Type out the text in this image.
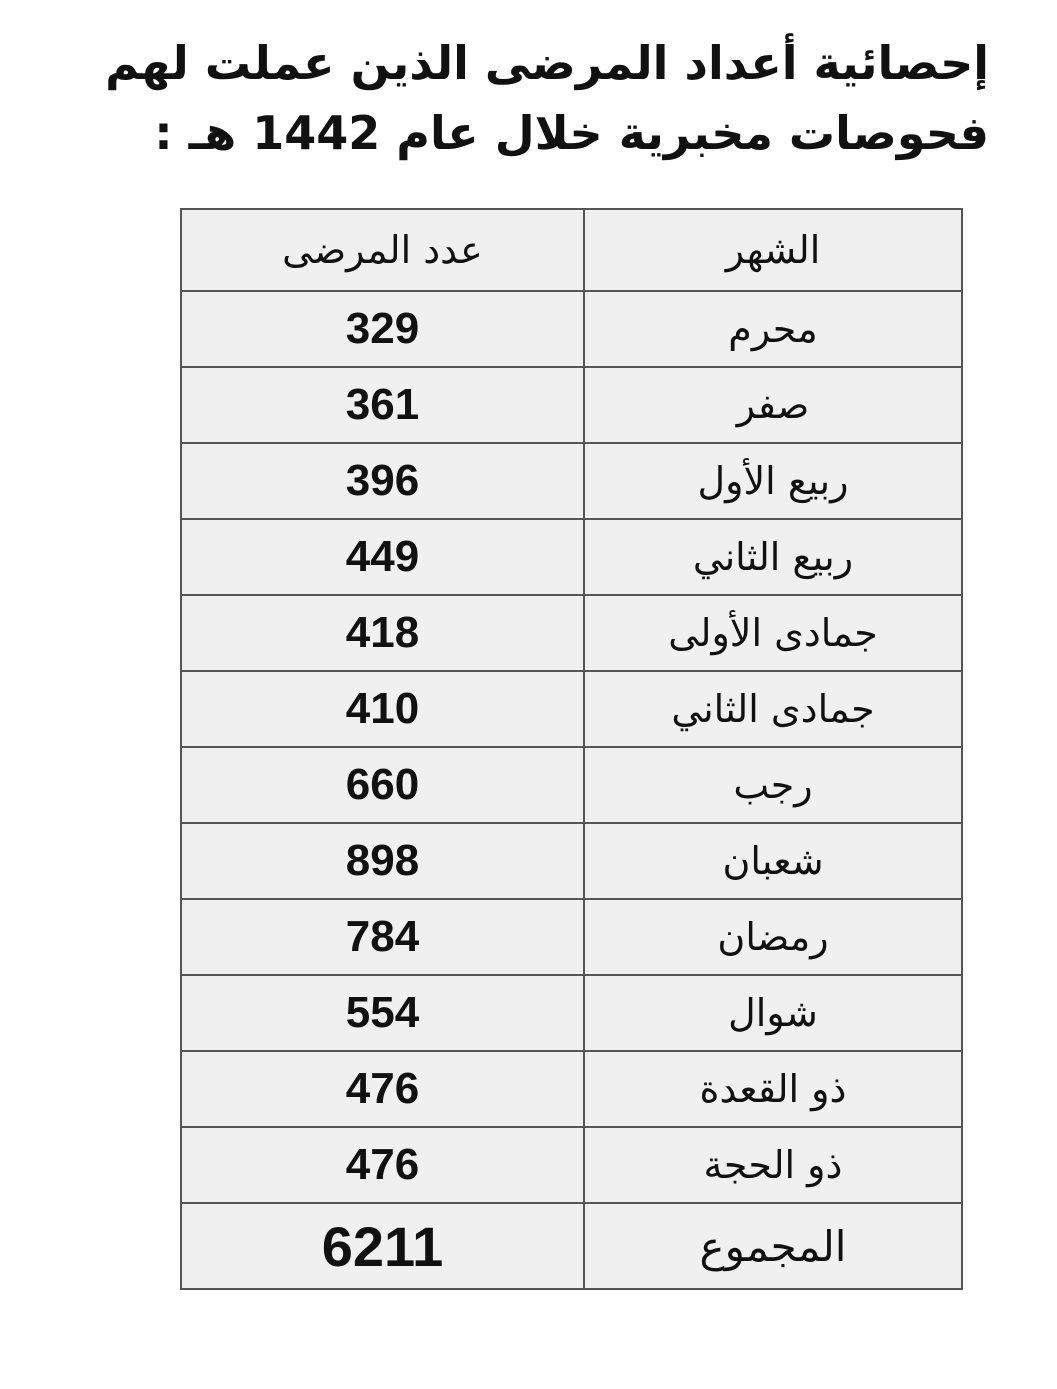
إحصائية أعداد المرضى الذين عملت لهم
فحوصات مخبرية خلال عام 1442 هـ :
الشهر	عدد المرضى
محرم	329
صفر	361
ربيع الأول	396
ربيع الثاني	449
جمادى الأولى	418
جمادى الثاني	410
رجب	660
شعبان	898
رمضان	784
شوال	554
ذو القعدة	476
ذو الحجة	476
المجموع	6211
